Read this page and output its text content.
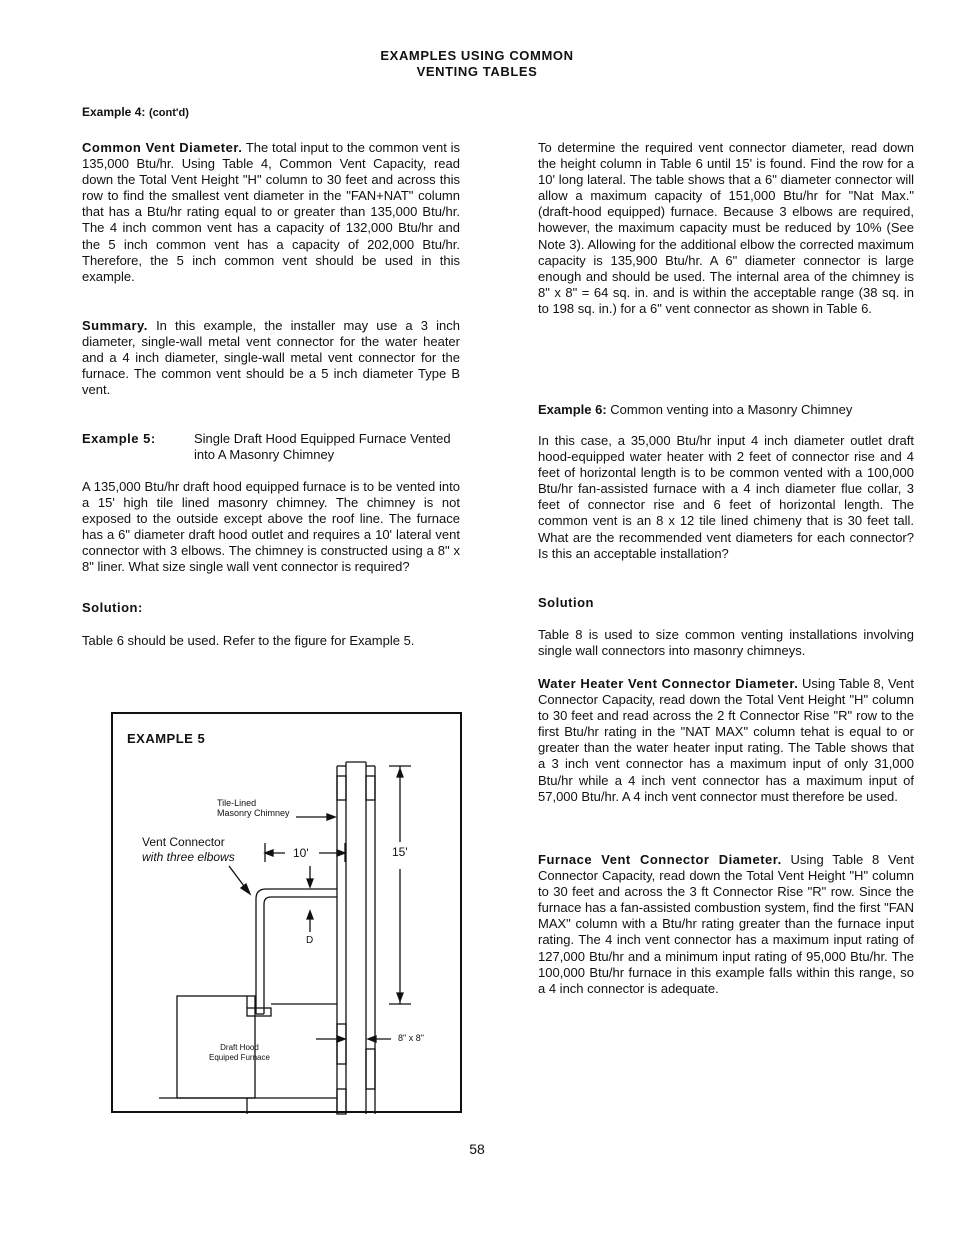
EXAMPLES USING COMMON
VENTING TABLES
Example 4: (cont'd)

Common Vent Diameter. The total input to the common vent is 135,000 Btu/hr. Using Table 4, Common Vent Capacity, read down the Total Vent Height "H" column to 30 feet and across this row to find the smallest vent diameter in the "FAN+NAT" column that has a Btu/hr rating equal to or greater than 135,000 Btu/hr. The 4 inch common vent has a capacity of 132,000 Btu/hr and the 5 inch common vent has a capacity of 202,000 Btu/hr. Therefore, the 5 inch common vent should be used in this example.

Summary. In this example, the installer may use a 3 inch diameter, single-wall metal vent connector for the water heater and a 4 inch diameter, single-wall metal vent connector for the furnace. The common vent should be a 5 inch diameter Type B vent.

Example 5:	Single Draft Hood Equipped Furnace Vented into A Masonry Chimney

A 135,000 Btu/hr draft hood equipped furnace is to be vented into a 15' high tile lined masonry chimney. The chimney is not exposed to the outside except above the roof line. The furnace has a 6" diameter draft hood outlet and requires a 10' lateral vent connector with 3 elbows. The chimney is constructed using a 8" x 8" liner. What size single wall vent connector is required?

Solution:

Table 6 should be used. Refer to the figure for Example 5.

EXAMPLE 5
Tile-Lined
Masonry Chimney
Vent Connector
with three elbows	10'	15'
D
Draft Hood
Equiped Furnace
8" x 8"

To determine the required vent connector diameter, read down the height column in Table 6 until 15' is found. Find the row for a 10' long lateral. The table shows that a 6" diameter connector will allow a maximum capacity of 151,000 Btu/hr for "Nat Max." (draft-hood equipped) furnace. Because 3 elbows are required, however, the maximum capacity must be reduced by 10% (See Note 3). Allowing for the additional elbow the corrected maximum capacity is 135,900 Btu/hr. A 6" diameter connector is large enough and should be used. The internal area of the chimney is 8" x 8" = 64 sq. in. and is within the acceptable range (38 sq. in to 198 sq. in.) for a 6" vent connector as shown in Table 6.

Example 6: Common venting into a Masonry Chimney

In this case, a 35,000 Btu/hr input 4 inch diameter outlet draft hood-equipped water heater with 2 feet of connector rise and 4 feet of horizontal length is to be common vented with a 100,000 Btu/hr fan-assisted furnace with a 4 inch diameter flue collar, 3 feet of connector rise and 6 feet of horizontal length. The common vent is an 8 x 12 tile lined chimeny that is 30 feet tall. What are the recommended vent diameters for each connector? Is this an acceptable installation?

Solution

Table 8 is used to size common venting installations involving single wall connectors into masonry chimneys.

Water Heater Vent Connector Diameter. Using Table 8, Vent Connector Capacity, read down the Total Vent Height "H" column to 30 feet and read across the 2 ft Connector Rise "R" row to the first Btu/hr rating in the "NAT MAX" column tehat is equal to or greater than the water heater input rating. The Table shows that a 3 inch vent connector has a maximum input of only 31,000 Btu/hr while a 4 inch vent connector has a maximum input of 57,000 Btu/hr. A 4 inch vent connector must therefore be used.

Furnace Vent Connector Diameter. Using Table 8 Vent Connector Capacity, read down the Total Vent Height "H" column to 30 feet and across the 3 ft Connector Rise "R" row. Since the furnace has a fan-assisted combustion system, find the first "FAN MAX" column with a Btu/hr rating greater than the furnace input rating. The 4 inch vent connector has a maximum input rating of 127,000 Btu/hr and a minimum input rating of 95,000 Btu/hr. The 100,000 Btu/hr furnace in this example falls within this range, so a 4 inch connector is adequate.

58
